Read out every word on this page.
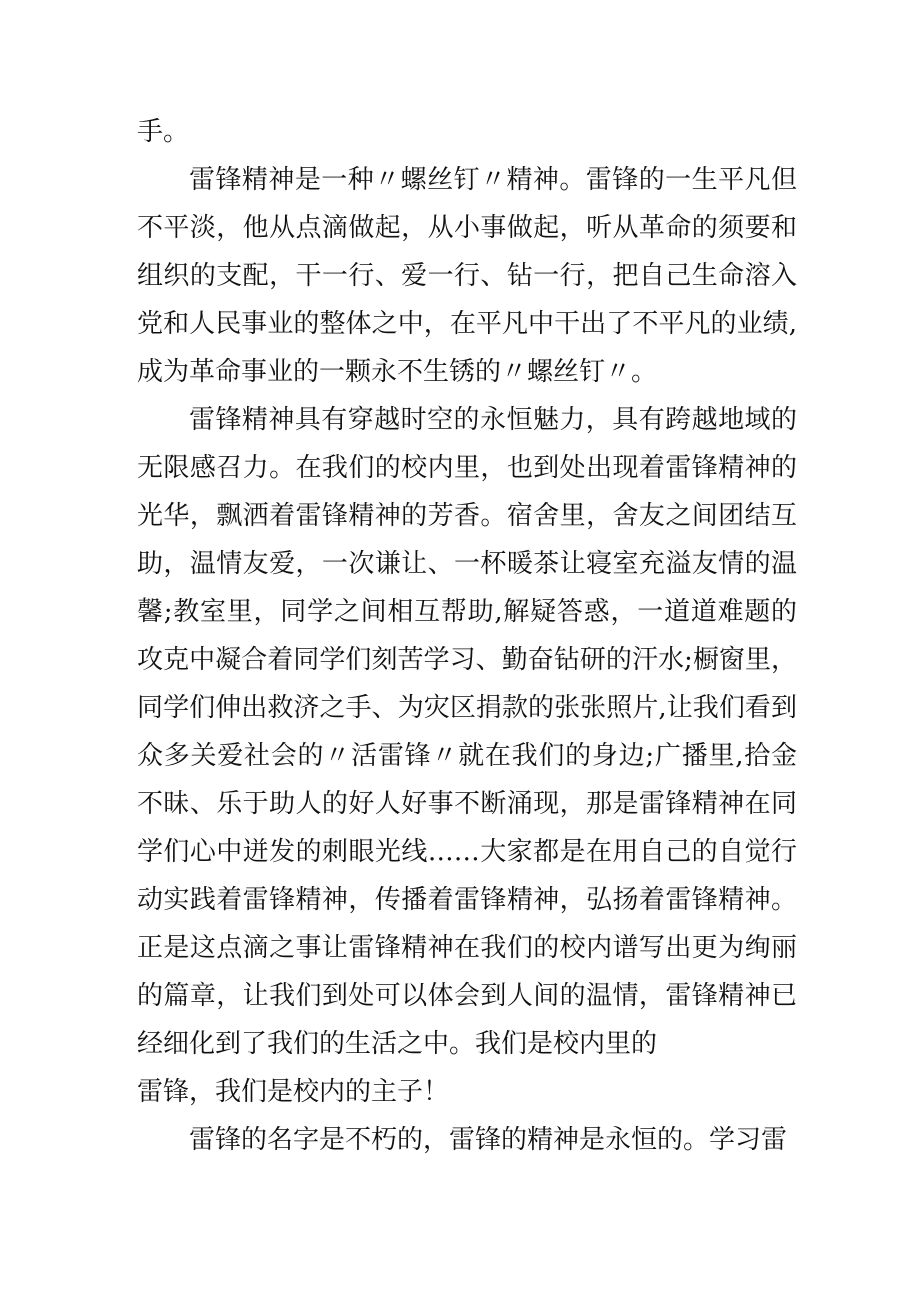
手。
雷锋精神是一种〃螺丝钉〃精神。雷锋的一生平凡但
不平淡，他从点滴做起，从小事做起，听从革命的须要和
组织的支配，干一行、爱一行、钻一行，把自己生命溶入
党和人民事业的整体之中，在平凡中干出了不平凡的业绩,
成为革命事业的一颗永不生锈的〃螺丝钉〃。
雷锋精神具有穿越时空的永恒魅力，具有跨越地域的
无限感召力。在我们的校内里，也到处出现着雷锋精神的
光华，飘洒着雷锋精神的芳香。宿舍里，舍友之间团结互
助，温情友爱，一次谦让、一杯暖茶让寝室充溢友情的温
馨;教室里，同学之间相互帮助,解疑答惑，一道道难题的
攻克中凝合着同学们刻苦学习、勤奋钻研的汗水;橱窗里，
同学们伸出救济之手、为灾区捐款的张张照片,让我们看到
众多关爱社会的〃活雷锋〃就在我们的身边;广播里,拾金
不昧、乐于助人的好人好事不断涌现，那是雷锋精神在同
学们心中迸发的刺眼光线……大家都是在用自己的自觉行
动实践着雷锋精神，传播着雷锋精神，弘扬着雷锋精神。
正是这点滴之事让雷锋精神在我们的校内谱写出更为绚丽
的篇章，让我们到处可以体会到人间的温情，雷锋精神已
经细化到了我们的生活之中。我们是校内里的
雷锋，我们是校内的主子！
雷锋的名字是不朽的，雷锋的精神是永恒的。学习雷
